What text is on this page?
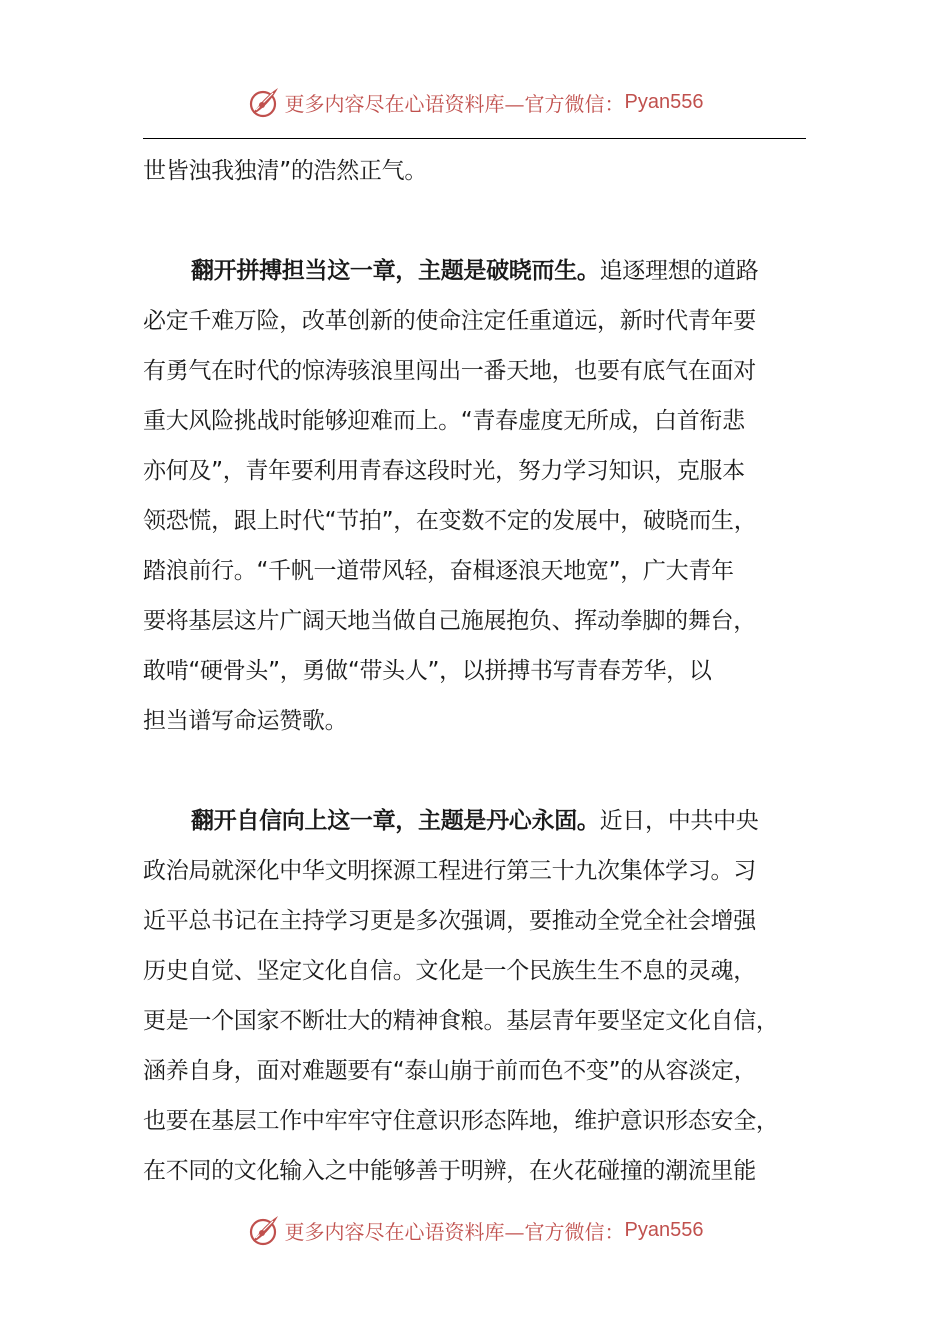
更多内容尽在心语资料库—官方微信： Pyan556
世皆浊我独清”的浩然正气。
翻开拼搏担当这一章，主题是破晓而生。追逐理想的道路
必定千难万险，改革创新的使命注定任重道远，新时代青年要
有勇气在时代的惊涛骇浪里闯出一番天地，也要有底气在面对
重大风险挑战时能够迎难而上。“青春虚度无所成，白首衔悲
亦何及”，青年要利用青春这段时光，努力学习知识，克服本
领恐慌，跟上时代“节拍”，在变数不定的发展中，破晓而生，
踏浪前行。“千帆一道带风轻，奋楫逐浪天地宽”，广大青年
要将基层这片广阔天地当做自己施展抱负、挥动拳脚的舞台，
敢啃“硬骨头”，勇做“带头人”，以拼搏书写青春芳华，以
担当谱写命运赞歌。
翻开自信向上这一章，主题是丹心永固。近日，中共中央
政治局就深化中华文明探源工程进行第三十九次集体学习。习
近平总书记在主持学习更是多次强调，要推动全党全社会增强
历史自觉、坚定文化自信。文化是一个民族生生不息的灵魂，
更是一个国家不断壮大的精神食粮。基层青年要坚定文化自信，
涵养自身，面对难题要有“泰山崩于前而色不变”的从容淡定，
也要在基层工作中牢牢守住意识形态阵地，维护意识形态安全，
在不同的文化输入之中能够善于明辨，在火花碰撞的潮流里能
更多内容尽在心语资料库—官方微信： Pyan556
